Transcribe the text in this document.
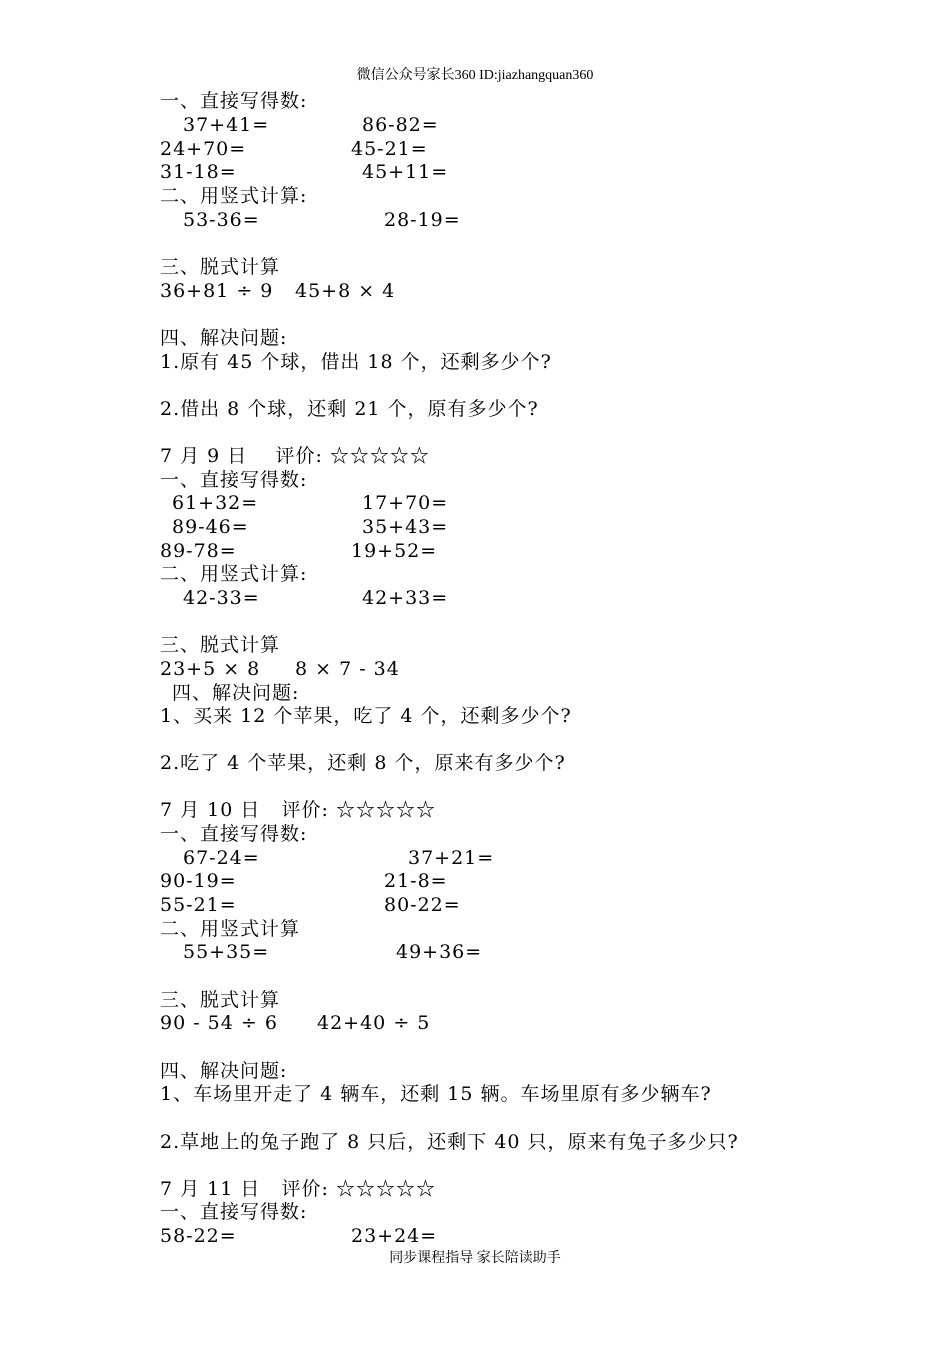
微信公众号家长360 ID:jiazhangquan360
一、直接写得数:
37+41=	86-82=
24+70=	45-21=
31-18=	45+11=
二、用竖式计算:
53-36=	28-19=
三、脱式计算
36+81 ÷ 9 45+8 × 4
四、解决问题:
1.原有 45 个球，借出 18 个，还剩多少个?
2.借出 8 个球，还剩 21 个，原有多少个?
7 月 9 日    评价: ☆☆☆☆☆
一、直接写得数:
61+32=	17+70=
89-46=	35+43=
89-78=	19+52=
二、用竖式计算:
42-33=	42+33=
三、脱式计算
23+5 × 8 8 × 7 - 34
四、解决问题:
1、买来 12 个苹果，吃了 4 个，还剩多少个?
2.吃了 4 个苹果，还剩 8 个，原来有多少个?
7 月 10 日   评价: ☆☆☆☆☆
一、直接写得数:
67-24=	37+21=
90-19=	21-8=
55-21=	80-22=
二、用竖式计算
55+35=	49+36=
三、脱式计算
90 - 54 ÷ 6 42+40 ÷ 5
四、解决问题:
1、车场里开走了 4 辆车，还剩 15 辆。车场里原有多少辆车?
2.草地上的兔子跑了 8 只后，还剩下 40 只，原来有兔子多少只?
7 月 11 日   评价: ☆☆☆☆☆
一、直接写得数:
58-22=	23+24=
同步课程指导 家长陪读助手
